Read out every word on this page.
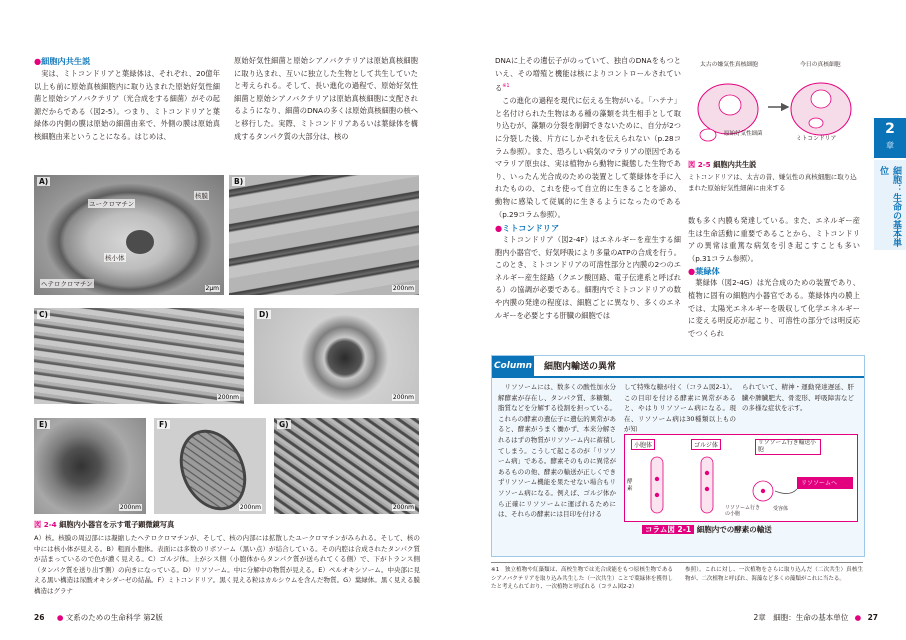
●細胞内共生説

実は、ミトコンドリアと葉緑体は、それぞれ、20億年以上も前に原始真核細胞内に取り込まれた原始好気性細菌と原始シアノバクテリア（光合成をする細菌）がその起源だからである（図2-5）。つまり、ミトコンドリアと葉緑体の内側の膜は原始の細菌由来で、外側の膜は原始真核細胞由来ということになる。はじめは、

原始好気性細菌と原始シアノバクテリアは原始真核細胞に取り込まれ、互いに独立した生物として共生していたと考えられる。そして、長い進化の過程で、原始好気性細菌と原始シアノバクテリアは原始真核細胞に支配されるようになり、細菌のDNAの多くは原始真核細胞の核へと移行した。実際、ミトコンドリアあるいは葉緑体を構成するタンパク質の大部分は、核の

A)
核膜
ユークロマチン
核小体
ヘテロクロマチン
2μm
B)
200nm
C)
200nm
D)
200nm
E)
200nm
F)
200nm
G)
200nm
図 2-4 細胞内小器官を示す電子顕微鏡写真
A）核。核膜の周辺部には凝縮したヘテロクロマチンが、そして、核の内部には拡散したユークロマチンがみられる。そして、核の中には核小体が見える。B）粗面小胞体。表面には多数のリボソーム（黒い点）が結合している。その内腔は合成されたタンパク質が詰まっているので色が濃く見える。C）ゴルジ体。上がシス側（小胞体からタンパク質が送られてくる側）で、下がトランス側（タンパク質を送り出す側）の向きになっている。D）リソソーム。中に分解中の物質が見える。E）ペルオキシソーム。中央部に見える黒い構造は尿酸オキシダーゼの結晶。F）ミトコンドリア。黒く見える粒はカルシウムを含んだ物質。G）葉緑体。黒く見える膜構造はグラナ
26 ● 文系のための生命科学 第2版

DNAに上その遺伝子がのっていて、独自のDNAをもつといえ、その増殖と機能は核によりコントロールされている$^{※1}$

この進化の過程を現代に伝える生物がいる。「ハテナ」と名付けられた生物はある種の藻類を共生相手として取り込むが、藻類の分裂を制御できないために、自分が2つに分裂した後、片方にしかそれを伝えられない（p.28コラム参照）。また、恐ろしい病気のマラリアの原因であるマラリア原虫は、実は植物から動物に擬態した生物であり、いったん光合成のための装置として葉緑体を手に入れたものの、これを使って自立的に生きることを諦め、動物に感染して従属的に生きるようになったのである（p.29コラム参照）。

●ミトコンドリア

ミトコンドリア（図2-4F）はエネルギーを産生する細胞内小器官で、好気呼吸により多量のATPの合成を行う。このとき、ミトコンドリアの可溶性部分と内膜の2つのエネルギー産生経路（クエン酸回路、電子伝達系と呼ばれる）の協調が必要である。細胞内でミトコンドリアの数や内膜の発達の程度は、細胞ごとに異なり、多くのエネルギーを必要とする肝臓の細胞では

太古の嫌気性真核細胞	今日の真核細胞
原始好気性細菌
ミトコンドリア
図 2-5 細胞内共生説
ミトコンドリアは、太古の昔、嫌気性の真核細胞に取り込まれた原始好気性細菌に由来する

数も多く内膜も発達している。また、エネルギー産生は生命活動に重要であることから、ミトコンドリアの異常は重篤な病気を引き起こすことも多い（p.31コラム参照）。

●葉緑体

葉緑体（図2-4G）は光合成のための装置であり、植物に固有の細胞内小器官である。葉緑体内の膜上では、太陽光エネルギーを吸収して化学エネルギーに変える明反応が起こり、可溶性の部分では明反応でつくられ

Column 細胞内輸送の異常
リソソームには、数多くの酸性加水分解酵素が存在し、タンパク質、多糖類、脂質などを分解する役割を担っている。これらの酵素の遺伝子に遺伝的異常があると、酵素がうまく働かず、本来分解されるはずの物質がリソソーム内に蓄積してしまう。こうして起こるのが「リソソーム病」である。酵素そのものに異常があるものの他、酵素の輸送が正しくできずリソソーム機能を果たせない場合もリソソーム病になる。例えば、ゴルジ体から正確にリソソームに運ばれるためには、それらの酵素には目印を付ける
して特殊な糖が付く（コラム図2-1）。この目印を付ける酵素に異常があると、やはりリソソーム病になる。現在、リソソーム病は30種類以上ものが知
られていて、精神・運動発達遅延、肝臓や脾臓肥大、骨変形、呼吸障害などの多様な症状を示す。
小胞体	ゴルジ体	リソソーム行き輸送小胞
酵素
リソソーム行きの小胞
受容体
リソソームへ
コラム図 2-1 細胞内での酵素の輸送
※1　独立植物や紅藻類は、高校生物では光合成能をもつ原核生物であるシアノバクテリアを取り込み共生した（一次共生）ことで葉緑体を獲得したと考えられており、一次植物と呼ばれる（コラム図2-2）
参照）。これに対し、一次植物をさらに取り込んだ（二次共生）真核生物が、二次植物と呼ばれ、海藻など多くの藻類がこれに当たる。
2
章
細胞：生命の基本単位
2章　細胞：生命の基本単位 ● 27
